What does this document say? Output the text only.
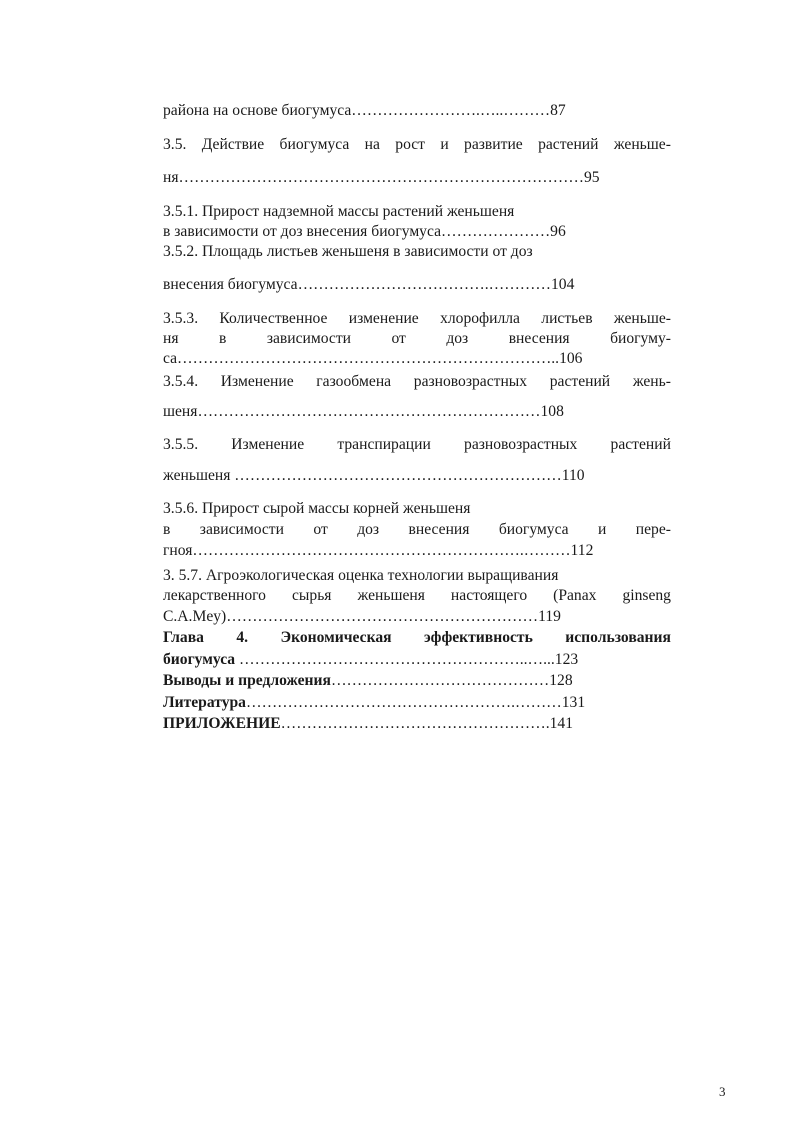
района на основе биогумуса…………………….…..………87
3.5. Действие биогумуса на рост и развитие растений женьше-
ня……………………………………………………………………95
3.5.1. Прирост надземной массы растений женьшеня
в зависимости от доз внесения биогумуса…………………96
3.5.2. Площадь листьев женьшеня в зависимости от доз
внесения биогумуса……………………………….…………104
3.5.3. Количественное изменение хлорофилла листьев женьше-
ня	в	зависимости	от	доз	внесения	биогуму-
са………………………………………………………………..106
3.5.4. Изменение газообмена разновозрастных растений жень-
шеня…………………………………………………………108
3.5.5. Изменение транспирации разновозрастных растений
женьшеня ………………………………………………………110
3.5.6. Прирост сырой массы корней женьшеня
в зависимости от доз внесения биогумуса и пере-
гноя……………………………………………………….………112
3. 5.7. Агроэкологическая оценка технологии выращивания
лекарственного сырья женьшеня настоящего (Panax ginseng
С.А.Mey)……………………………………………………119
Глава 4. Экономическая эффективность использования
биогумуса ………………………………………………..…...123
Выводы и предложения……………………………………128
Литература…………………………………………….………131
ПРИЛОЖЕНИЕ…………………………………………….141
3
